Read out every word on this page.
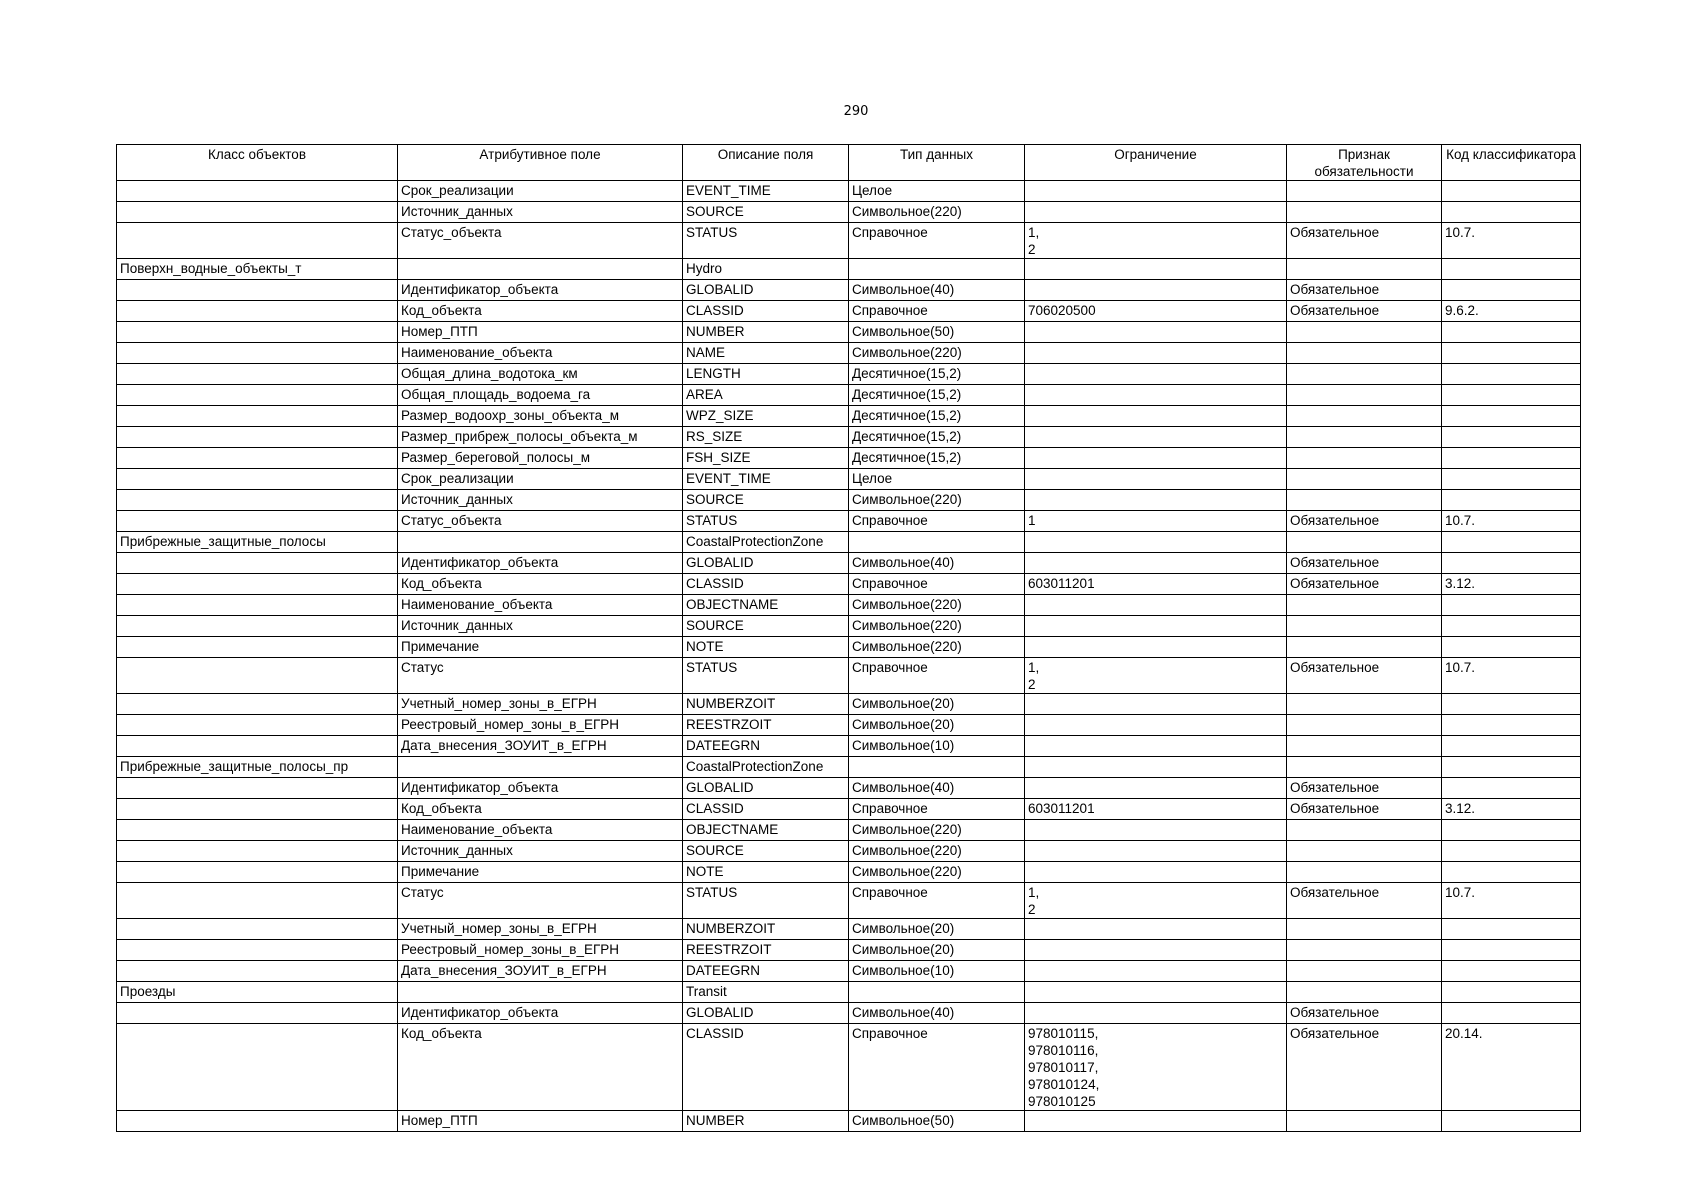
290
Класс объектов	Атрибутивное поле	Описание поля	Тип данных	Ограничение	Признак обязательности	Код классификатора
	Срок_реализации	EVENT_TIME	Целое			
	Источник_данных	SOURCE	Символьное(220)			
	Статус_объекта	STATUS	Справочное	1,
2	Обязательное	10.7.
Поверхн_водные_объекты_т		Hydro				
	Идентификатор_объекта	GLOBALID	Символьное(40)		Обязательное	
	Код_объекта	CLASSID	Справочное	706020500	Обязательное	9.6.2.
	Номер_ПТП	NUMBER	Символьное(50)			
	Наименование_объекта	NAME	Символьное(220)			
	Общая_длина_водотока_км	LENGTH	Десятичное(15,2)			
	Общая_площадь_водоема_га	AREA	Десятичное(15,2)			
	Размер_водоохр_зоны_объекта_м	WPZ_SIZE	Десятичное(15,2)			
	Размер_прибреж_полосы_объекта_м	RS_SIZE	Десятичное(15,2)			
	Размер_береговой_полосы_м	FSH_SIZE	Десятичное(15,2)			
	Срок_реализации	EVENT_TIME	Целое			
	Источник_данных	SOURCE	Символьное(220)			
	Статус_объекта	STATUS	Справочное	1	Обязательное	10.7.
Прибрежные_защитные_полосы		CoastalProtectionZone				
	Идентификатор_объекта	GLOBALID	Символьное(40)		Обязательное	
	Код_объекта	CLASSID	Справочное	603011201	Обязательное	3.12.
	Наименование_объекта	OBJECTNAME	Символьное(220)			
	Источник_данных	SOURCE	Символьное(220)			
	Примечание	NOTE	Символьное(220)			
	Статус	STATUS	Справочное	1,
2	Обязательное	10.7.
	Учетный_номер_зоны_в_ЕГРН	NUMBERZOIT	Символьное(20)			
	Реестровый_номер_зоны_в_ЕГРН	REESTRZOIT	Символьное(20)			
	Дата_внесения_ЗОУИТ_в_ЕГРН	DATEEGRN	Символьное(10)			
Прибрежные_защитные_полосы_пр		CoastalProtectionZone				
	Идентификатор_объекта	GLOBALID	Символьное(40)		Обязательное	
	Код_объекта	CLASSID	Справочное	603011201	Обязательное	3.12.
	Наименование_объекта	OBJECTNAME	Символьное(220)			
	Источник_данных	SOURCE	Символьное(220)			
	Примечание	NOTE	Символьное(220)			
	Статус	STATUS	Справочное	1,
2	Обязательное	10.7.
	Учетный_номер_зоны_в_ЕГРН	NUMBERZOIT	Символьное(20)			
	Реестровый_номер_зоны_в_ЕГРН	REESTRZOIT	Символьное(20)			
	Дата_внесения_ЗОУИТ_в_ЕГРН	DATEEGRN	Символьное(10)			
Проезды		Transit				
	Идентификатор_объекта	GLOBALID	Символьное(40)		Обязательное	
	Код_объекта	CLASSID	Справочное	978010115,
978010116,
978010117,
978010124,
978010125	Обязательное	20.14.
	Номер_ПТП	NUMBER	Символьное(50)			
